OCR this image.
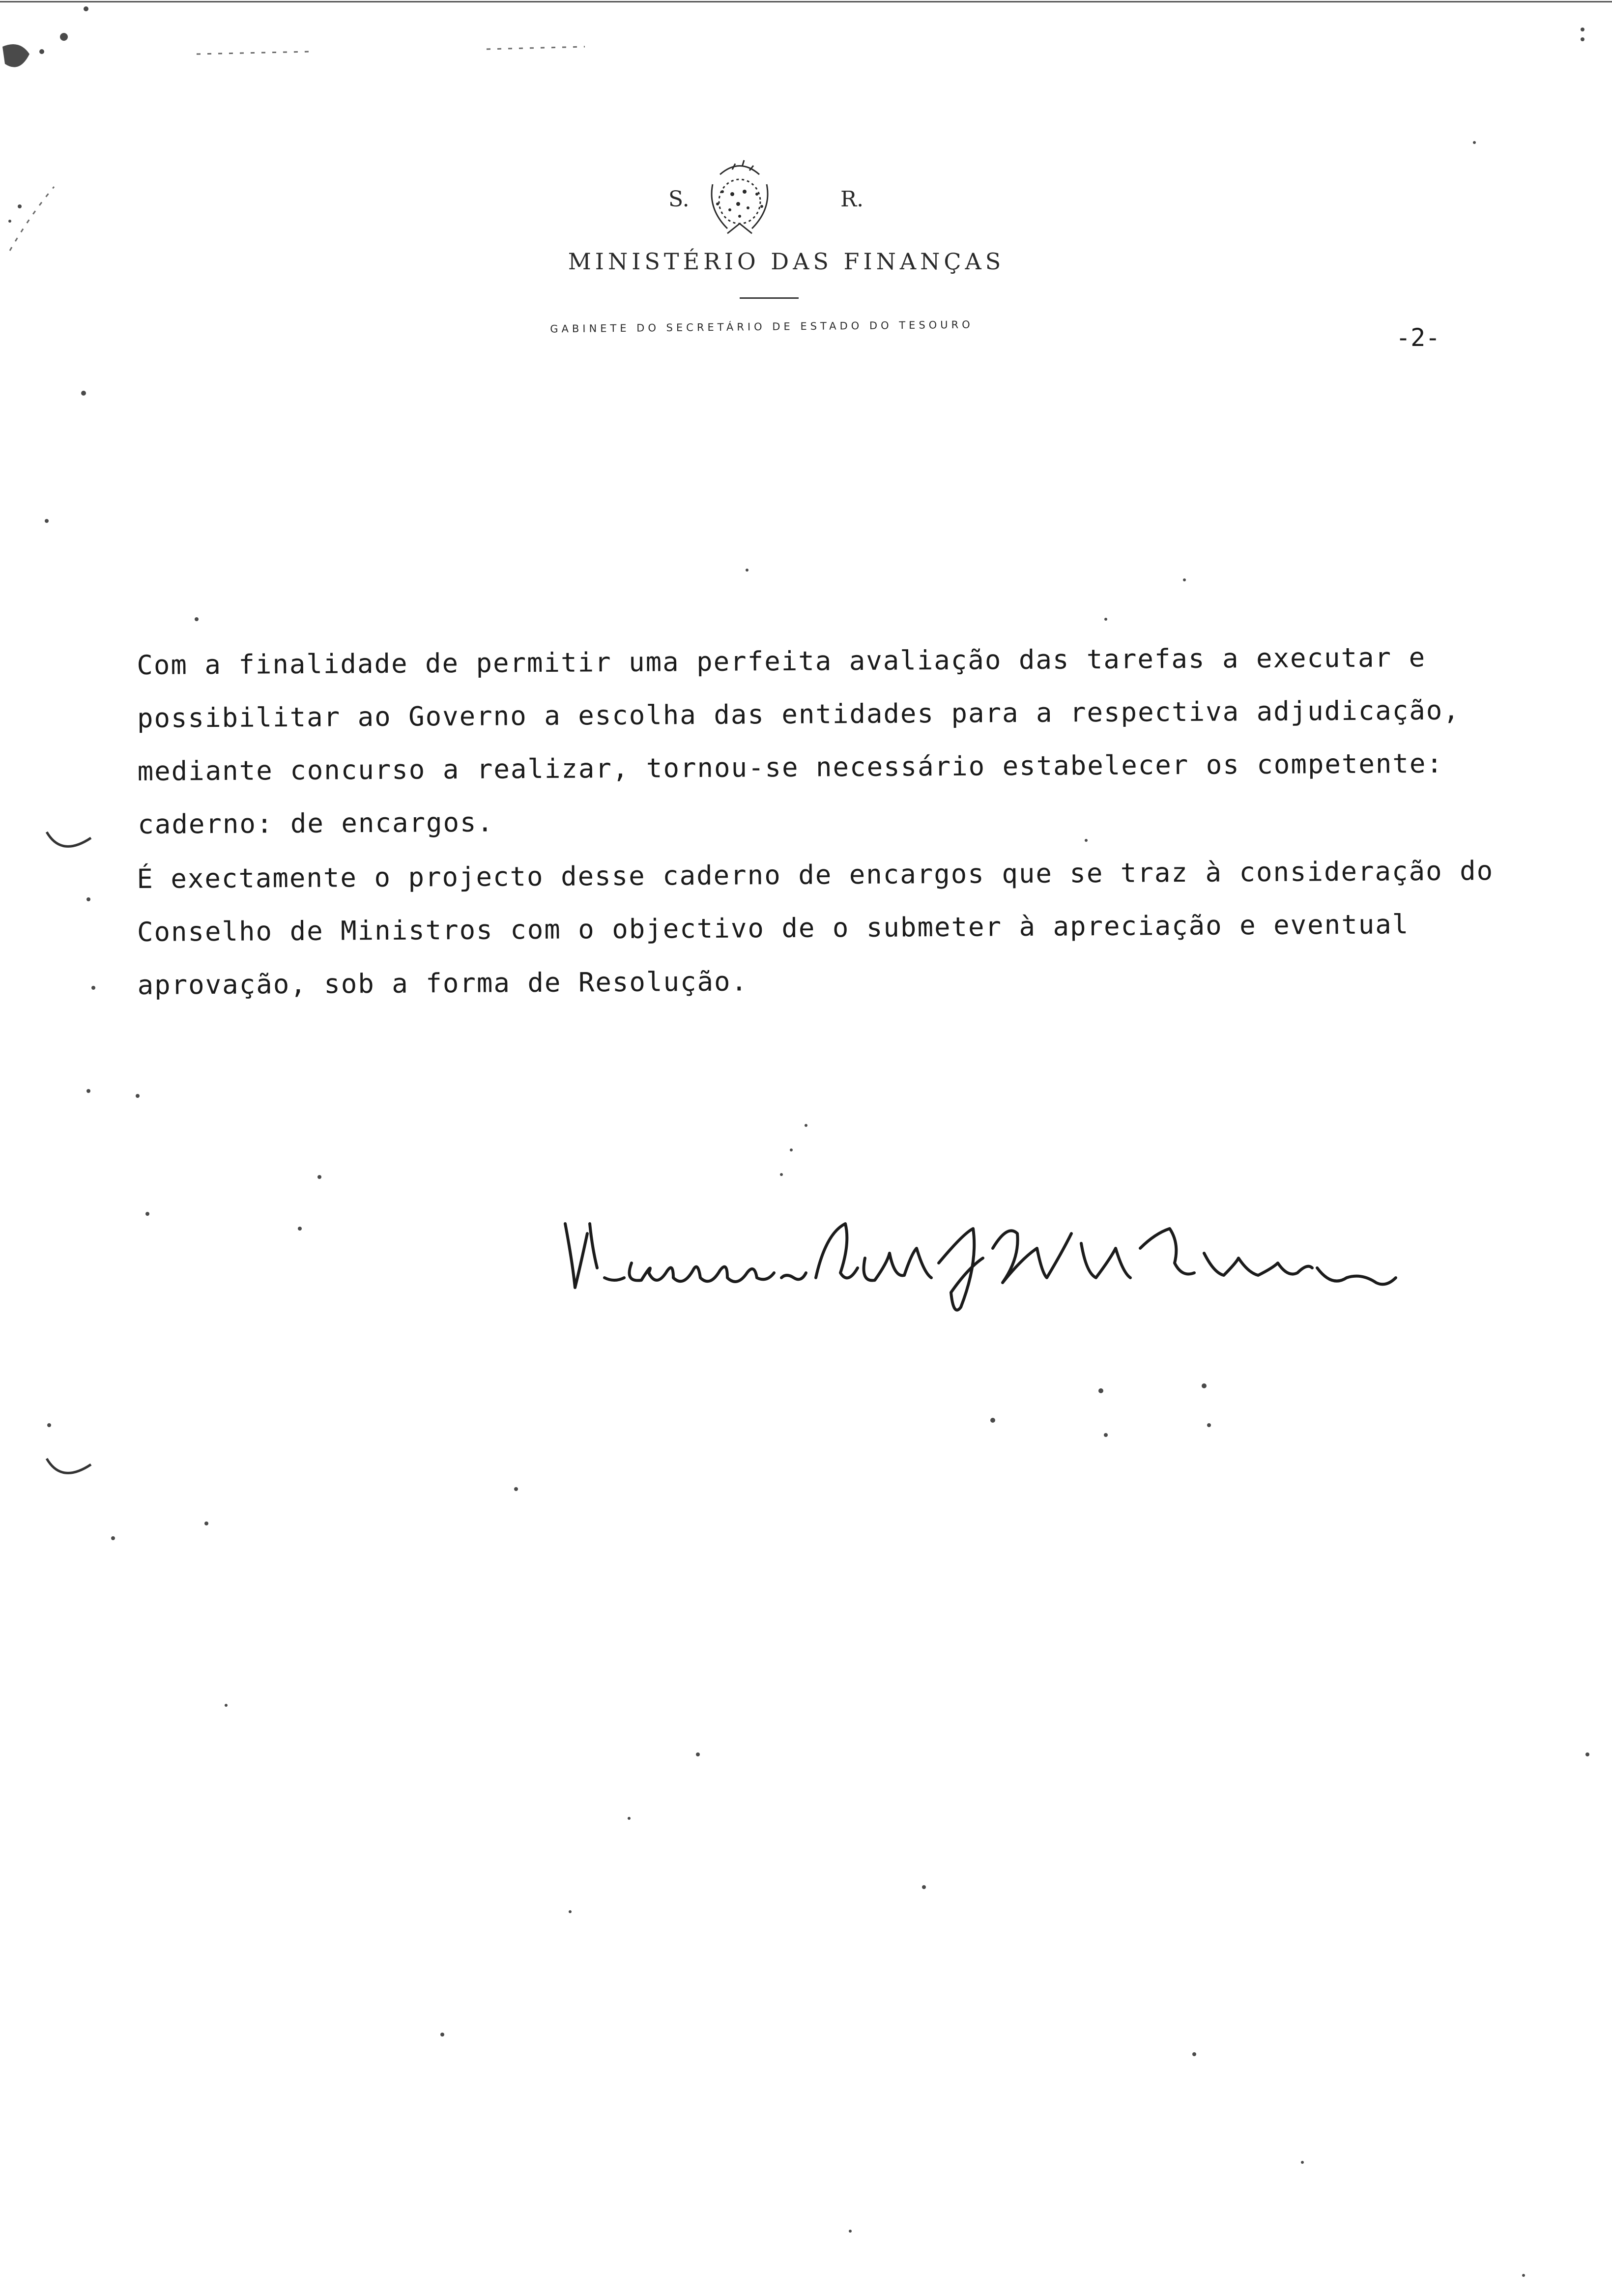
S.	R.
MINISTÉRIO DAS FINANÇAS
GABINETE DO SECRETÁRIO DE ESTADO DO TESOURO	-2-

Com a finalidade de permitir uma perfeita avaliação das tarefas a executar e possibilitar ao Governo a escolha das entidades para a respectiva adjudicação, mediante concurso a realizar, tornou-se necessário estabelecer os competente: caderno: de encargos.

É exectamente o projecto desse caderno de encargos que se traz à consideração do Conselho de Ministros com o objectivo de o submeter à apreciação e eventual aprovação, sob a forma de Resolução.
